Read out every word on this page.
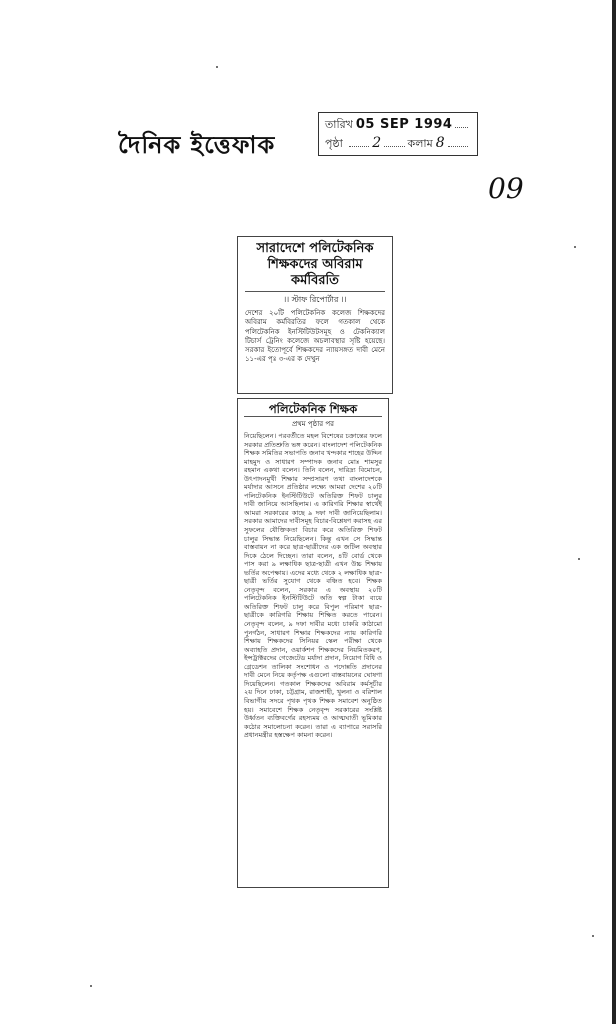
দৈনিক ইত্তেফাক
তারিখ 05 SEP 1994
পৃষ্ঠা 2 কলাম 8
09
সারাদেশে পলিটেকনিক শিক্ষকদের অবিরাম কর্মবিরতি
।। স্টাফ রিপোর্টার ।।
দেশের ২০টি পলিটেকনিক কলেজ শিক্ষকদের অবিরাম কর্মবিরতির ফলে গতকাল থেকে পলিটেকনিক ইনস্টিটিউটসমূহ ও টেকনিক্যাল টিচার্স ট্রেনিং কলেজে অচলাবস্থার সৃষ্টি হয়েছে। সরকার ইতোপূর্বে শিক্ষকদের ন্যায়সঙ্গত দাবী মেনে ১১-এর পৃঃ ৩-এর ক দেখুন
পলিটেকনিক শিক্ষক
প্রথম পৃষ্ঠার পর
নিয়েছিলেন। পরবর্তীতে মহল বিশেষের চক্রান্তের ফলে সরকার প্রতিশ্রুতি ভঙ্গ করেন। বাংলাদেশ পলিটেকনিক শিক্ষক সমিতির সভাপতি জনাব খন্দকার শাহের উদ্দিন মাহমুদ ও সাধারণ সম্পাদক জনাব মোঃ শামসুর রহমান একথা বলেন। তিনি বলেন, দারিদ্র্য বিমোচন, উৎপাদনমুখী শিক্ষার সম্প্রসারণ তথা বাংলাদেশকে মর্যাদার আসনে প্রতিষ্ঠার লক্ষ্যে আমরা দেশের ২০টি পলিটেকনিক ইনস্টিটিউটে অতিরিক্ত শিফট চালুর দাবী জানিয়ে আসছিলাম। এ কারিগরি শিক্ষার স্বার্থেই আমরা সরকারের কাছে ৯ দফা দাবী জানিয়েছিলাম। সরকার আমাদের দাবীসমূহ বিচার-বিশ্লেষণ করাসহ এর সুফলের যৌক্তিকতা বিচার করে অতিরিক্ত শিফট চালুর সিদ্ধান্ত নিয়েছিলেন। কিন্তু এখন সে সিদ্ধান্ত বাস্তবায়ন না করে ছাত্র-ছাত্রীদের এক জটিল অবস্থার দিকে ঠেলে দিচ্ছেন। তারা বলেন, ৪টি বোর্ড থেকে পাস করা ৯ লক্ষাধিক ছাত্র-ছাত্রী এখন উচ্চ শিক্ষায় ভর্তির অপেক্ষায়। এদের মধ্যে থেকে ২ লক্ষাধিক ছাত্র-ছাত্রী ভর্তির সুযোগ থেকে বঞ্চিত হবে। শিক্ষক নেতৃবৃন্দ বলেন, সরকার এ অবস্থায় ২০টি পলিটেকনিক ইনস্টিটিউটে অতি স্বল্প টাকা ব্যয়ে অতিরিক্ত শিফট চালু করে বিপুল পরিমাণ ছাত্র-ছাত্রীকে কারিগরি শিক্ষায় শিক্ষিত করতে পারেন। নেতৃবৃন্দ বলেন, ৯ দফা দাবীর মধ্যে চাকরি কাঠামো পুনর্গঠন, সাধারণ শিক্ষার শিক্ষকদের ন্যায় কারিগরি শিক্ষায় শিক্ষকদের সিনিয়র স্কেল পরীক্ষা থেকে অব্যাহতি প্রদান, ওয়ার্কশপ শিক্ষকদের নিয়মিতকরণ, ইন্সট্রাক্টরদের গেজেটেড মর্যাদা প্রদান, নিয়োগ বিধি ও গ্রেডেশন তালিকা সংশোধন ও পদোন্নতি প্রদানের দাবী মেনে নিয়ে কর্তৃপক্ষ এগুলো বাস্তবায়নের ঘোষণা দিয়েছিলেন। গতকাল শিক্ষকদের অবিরাম কর্মসূচীর ২য় দিনে ঢাকা, চট্টগ্রাম, রাজশাহী, খুলনা ও বরিশাল বিভাগীয় সদরে পৃথক পৃথক শিক্ষক সমাবেশ অনুষ্ঠিত হয়। সমাবেশে শিক্ষক নেতৃবৃন্দ সরকারের সংশ্লিষ্ট উর্ধ্বতন ব্যক্তিবর্গের রহস্যময় ও আত্মঘাতী ভূমিকার কঠোর সমালোচনা করেন। তারা এ ব্যাপারে সরাসরি প্রধানমন্ত্রীর হস্তক্ষেপ কামনা করেন।
